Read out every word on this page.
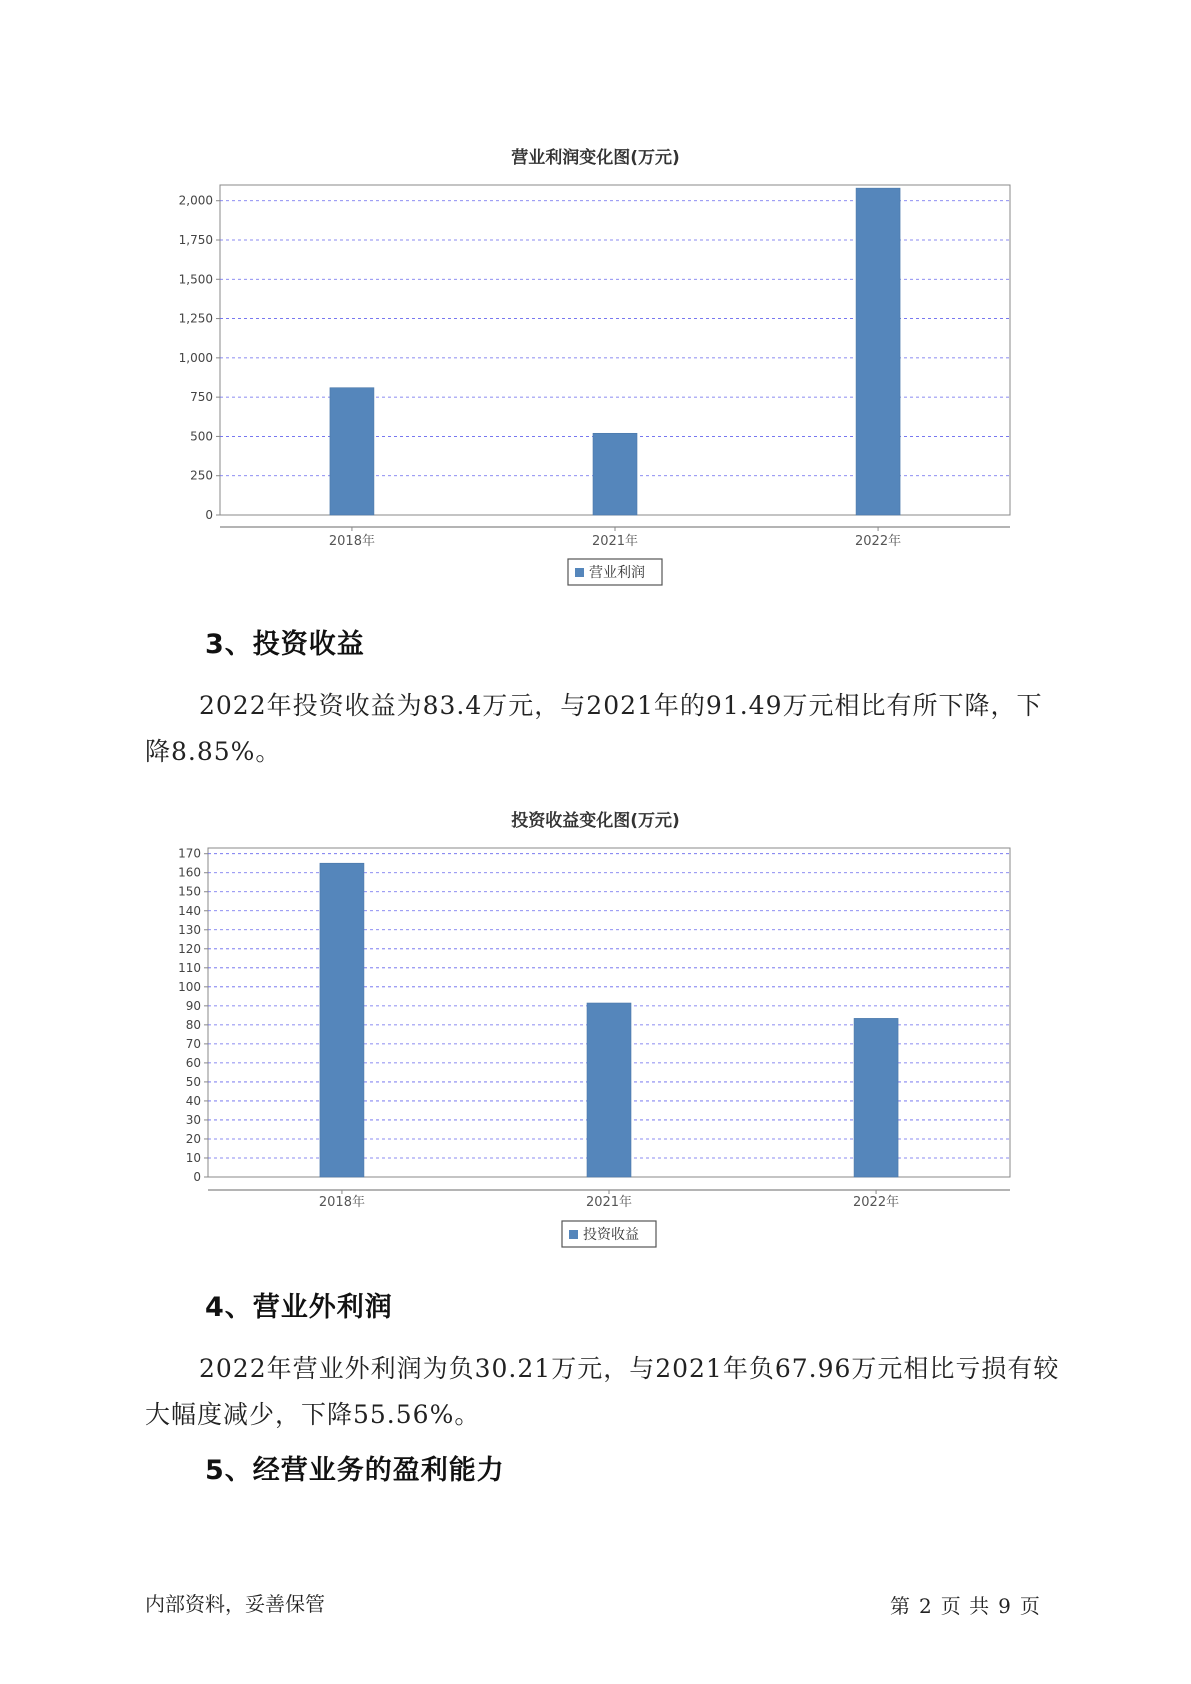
营业利润变化图(万元)
0
250
500
750
1,000
1,250
1,500
1,750
2,000
2018年	2021年	2022年
营业利润
3、投资收益
2022年投资收益为83.4万元，与2021年的91.49万元相比有所下降，下降8.85%。
投资收益变化图(万元)
0
10
20
30
40
50
60
70
80
90
100
110
120
130
140
150
160
170
2018年	2021年	2022年
投资收益
4、营业外利润
2022年营业外利润为负30.21万元，与2021年负67.96万元相比亏损有较大幅度减少，下降55.56%。
5、经营业务的盈利能力
内部资料，妥善保管	第 2 页 共 9 页
